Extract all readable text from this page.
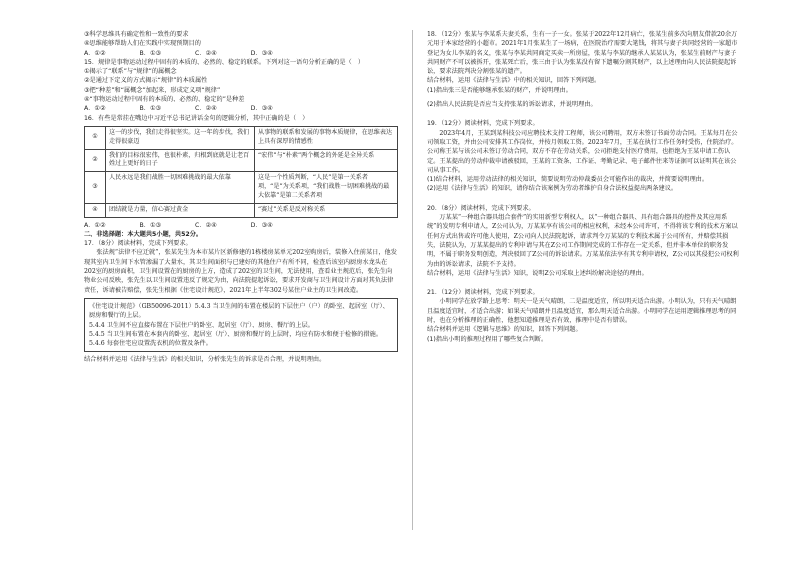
③科学思维具有确定性和一致性的要求

④思维能够帮助人们在实践中实现预期目的

A．①②	B．①③	C．②④	D．③④

15．规律是事物运动过程中固有的本质的、必然的、稳定的联系。下列对这一语句分析正确的是（　）

①揭示了“联系”与“规律”的属概念

②是通过下定义的方式揭示“规律”的本质属性

③把“种差”和“属概念”加起来，形成定义项“规律”

④“事物运动过程中固有的本质的、必然的、稳定的”是种差

A．①②	B．①③	C．②④	D．③④

16．有些是常挂在嘴边中习近平总书记讲话金句的逻辑分析，其中正确的是（　）

①	这一的步伐，我们走得很坚实。这一年的步伐，我们走得很豪迈	从事物的联系和发展的事物本质规律，在思维表达上具有深厚的情感性
②	我们的目标很宏伟，也很朴素，归根到底就是让老百姓过上更好的日子	“宏伟”与“朴素”两个概念的外延是全异关系
③	人民永远是我们战胜一切困难挑战的最大依靠	这是一个性质判断，“人民”是第一关系者项，“是”为关系项，“我们战胜一切困难挑战的最大依靠”是第二关系者项
④	团结就是力量，信心赛过黄金	“赛过”关系是反对称关系
A．①②	B．①③	C．②④	D．③④

二、非选择题：本大题共5小题，共52分。

17．（8分）阅读材料，完成下列要求。

　　张法规“法律不应迁就”，张某先生为本市某片区新修建的1栋楼房某单元202室购房后，装修入住前某日，他发现其室内卫生间下水管渗漏了大量水，其卫生间面积与已建好的其他住户有所不同，检查后该室内厨房水龙头在202室的厨房面积，卫生间设置在的厨房的上方，造成了202室的卫生间，无法使用，查看业主规范后，张先生向物业公司反映，张先生以卫生间设置违反了规定为由，向法院提起诉讼，要求开发商与卫生间设计方面对其负法律责任，诉请被告赔偿，张先生根据《住宅设计规范》，2021年上半年302号某住户业主的卫生间改造。

《住宅设计规范》（GB50096-2011）5.4.3 当卫生间的布置在楼层的下层住户（户）的卧室、起居室（厅）、厨房和餐厅的上层。

5.4.4 卫生间不应直接布置在下层住户的卧室、起居室（厅）、厨房、餐厅的上层。

5.4.5 当卫生间布置在本套内的卧室、起居室（厅）、厨房和餐厅的上层时，均应有防水和便于检修的措施。

5.4.6 每套住宅应设置洗衣机的位置及条件。

结合材料并运用《法律与生活》的相关知识，分析张先生的诉求是否合理，并说明理由。

18．（12分）张某与李某系夫妻关系，生有一子一女。张某于2022年12月病亡，张某生前多次向朋友借款20余万元用于本家经营的小超市。2021年1月张某生了一场病，在医院治疗需要大笔钱，将其与妻子共同经营的一家超市登记为女儿李某的名义，张某与李某共同商定买卖一所房屋，张某与李某的继承人某某认为，张某生前财产与妻子共同财产不可以被拆开，张某死亡后，张三由于认为张某没有留下遗嘱分割其财产，以上述理由向人民法院提起诉讼，要求法院判决分割张某的遗产。

结合材料，运用《法律与生活》中的相关知识，回答下列问题。

(1)指出张三是否能够继承张某的财产，并说明理由。

(2)指出人民法院是否应当支持张某的诉讼请求，并说明理由。

19．（12分）阅读材料，完成下列要求。

　　2023年4月，王某到某科技公司应聘技术支持工程师，该公司聘用，双方未签订书面劳动合同。王某每月在公司领取工资，并由公司安排其工作岗位，并按月领取工资。2023年7月，王某在执行工作任务时受伤，住院治疗。公司称王某与该公司未签订劳动合同，双方不存在劳动关系，公司拒绝支付医疗费用，也拒绝为王某申请工伤认定。王某提出的劳动仲裁申请被驳回，王某的工资条、工作证、考勤记录、电子邮件往来等证据可以证明其在该公司从事工作。

(1)结合材料，运用劳动法律的相关知识，简要说明劳动仲裁委员会可能作出的裁决，并简要说明理由。

(2)运用《法律与生活》的知识，请你结合该案例为劳动者维护自身合法权益提出两条建议。

20．（8分）阅读材料，完成下列要求。

　　万某某“一种组合器具组合套件”的实用新型专利权人，以“一种组合器具、具有组合器具的控件及其应用系统”的发明专利申请人，Z公司认为，万某某享有该公司的相应权利，未经本公司许可，不得将该专利的技术方案以任何方式出售或许可他人使用，Z公司向人民法院起诉，请求判令万某某的专利技术属于公司所有，并赔偿其损失，法院认为，万某某提出的专利申请与其在Z公司工作期间完成的工作存在一定关系，但并非本单位的职务发明，不属于职务发明创造，判决驳回了Z公司的诉讼请求。万某某依法享有其专利申请权，Z公司以其侵犯公司权利为由的诉讼请求，法院不予支持。

结合材料，运用《法律与生活》知识，说明Z公司采取上述纠纷解决途径的理由。

21．（12分）阅读材料，完成下列要求。

　　小明同学在放学路上思考：明天一是天气晴朗，二是温度适宜，所以明天适合出游。小明认为，只有天气晴朗且温度适宜时，才适合出游；如果天气晴朗并且温度适宜，那么明天适合出游。小明同学在运用逻辑推理思考的同时，也在分析推理的正确性，他想知道推理是否有效，推理中是否有错误。

结合材料并运用《逻辑与思维》的知识，回答下列问题。

(1)指出小明的推理过程用了哪些复合判断。
